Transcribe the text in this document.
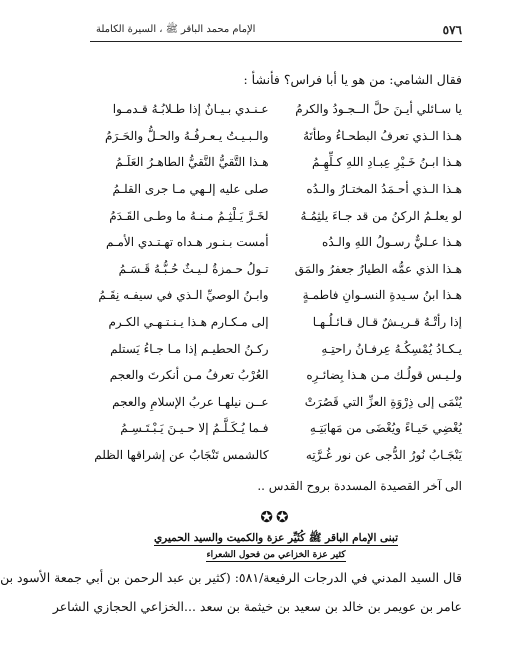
٥٧٦
الإمام محمد الباقر ﷺ ، السيرة الكاملة
فقال الشامي: من هو يا أبا فراس؟ فأنشأ :
يا سـائلي أيـنَ حلَّ الــجـودُ والكرمُ
عـنـدي بـيـانٌ إذا طـلابُـهُ قـدمـوا
هـذا الـذي تعرفُ البطحـاءُ وطأتَهُ
والـبـيـتُ يـعـرفُـهُ والحـلُّ والحَـرَمُ
هـذا ابـنُ خَـيْرِ عِبـادِ اللهِ كـلِّهِـمُ
هـذا التَّقيُّ النَّقيُّ الطاهـرُ العَلَـمُ
هـذا الـذي أحـمَدُ المختـارُ والـدُه
صلى عليه إلـهي مـا جرى القلـمُ
لو يعلـمُ الركنُ من قد جـاءَ يلثِمُـهُ
لخَـرَّ يَـلْثِـمُ مـنـهُ ما وطـى القَـدَمُ
هـذا عـليٌّ رسـولُ اللهِ والـدُه
أمست بـنـور هـداه تهـتـدي الأمـم
هـذا الذي عمُّه الطيارُ جعفرُ والمَق
تـولُ حـمزةُ لـيـثٌ حُـبُّـهُ قَـسَـمُ
هـذا ابنُ سـيدةِ النسـوانِ فاطمـةٍ
وابـنُ الوصيِّ الـذي في سيفـه نِقَـمُ
إذا رأتْـهُ قـريـشٌ قـال قـائـلُـهـا
إلى مـكـارم هـذا يـنـتـهـي الكـرم
يـكـادُ يُمْسِكُـهُ عِرفـانُ راحتِـهِ
ركـنُ الحطيـم إذا مـا جـاءُ يَستلم
ولـيـس قولُـك مـن هـذا بِضائـرِه
العُرْبُ تعرفُ مـن أنكرتَ والعجم
يُنْمَى إلى ذِرْوَةِ العزِّ التي قَصُرَتْ
عــن نيلهـا عربُ الإسلامِ والعجم
يُغْضِي حَيـاءً ويُغْضَى من مَهابَتِـهِ
فـما يُـكَـلَّـمُ إلا حـيـنَ يَـبْـتَـسِـمُ
يَنْجَـابُ نُورُ الدُّجى عن نور غُـرَّتِه
كالشمس تَنْجَابُ عن إشراقها الظلم
الى آخر القصيدة المسددة بروح القدس ..
✪✪
تبنى الإمام الباقر ﷺ كُثَيِّر عزة والكميت والسيد الحميري
كثير عزة الخزاعي من فحول الشعراء
قال السيد المدني في الدرجات الرفيعة/٥٨١: (كثير بن عبد الرحمن بن أبي جمعة الأسود بن
عامر بن عويمر بن خالد بن سعيد بن خيثمة بن سعد ...الخزاعي الحجازي الشاعر
